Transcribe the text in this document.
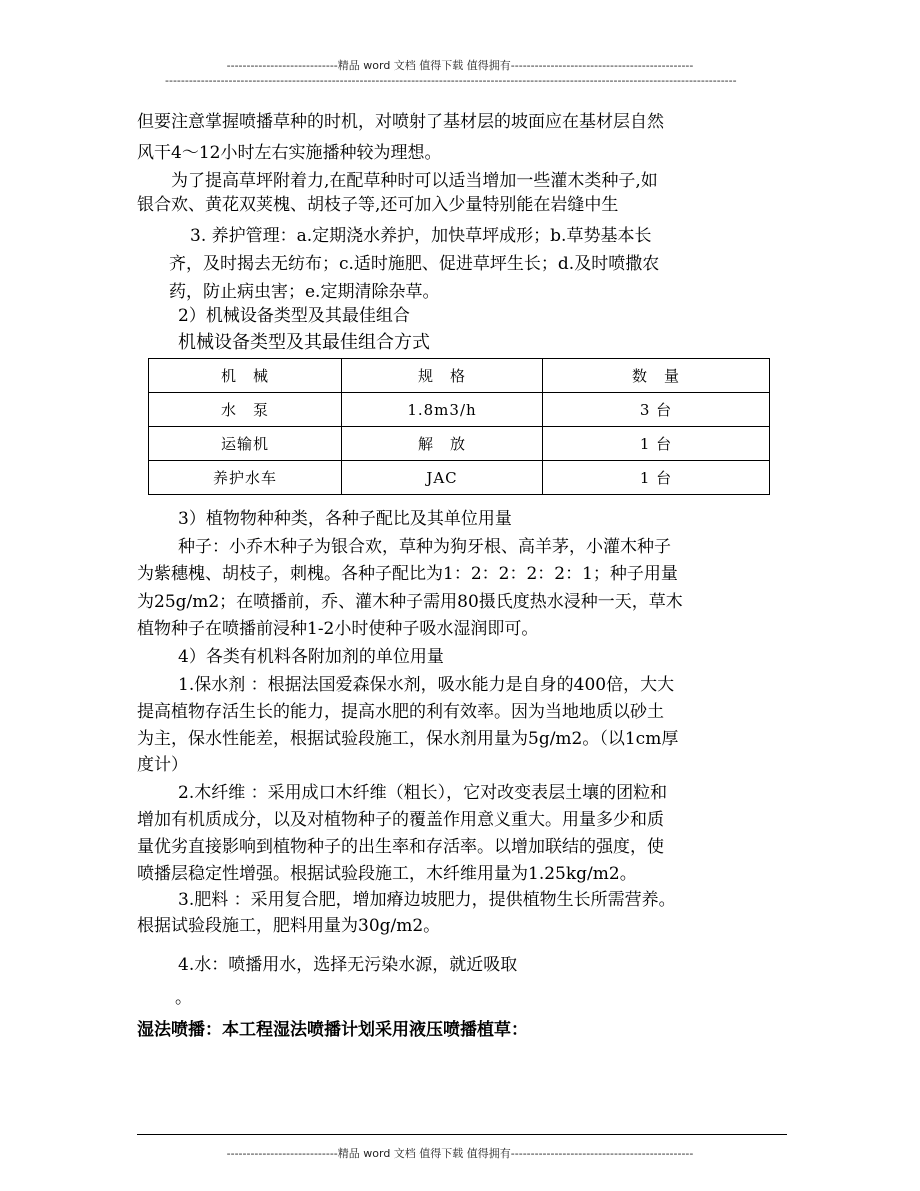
----------------------------精品 word 文档 值得下载 值得拥有----------------------------------------------
------------------------------------------------------------------------------------------------------------------------------------------------
但要注意掌握喷播草种的时机，对喷射了基材层的坡面应在基材层自然
风干4～12小时左右实施播种较为理想。
为了提高草坪附着力,在配草种时可以适当增加一些灌木类种子,如
银合欢、黄花双荚槐、胡枝子等,还可加入少量特别能在岩缝中生
3. 养护管理：a.定期浇水养护，加快草坪成形；b.草势基本长
齐，及时揭去无纺布；c.适时施肥、促进草坪生长；d.及时喷撒农
药，防止病虫害；e.定期清除杂草。
2）机械设备类型及其最佳组合
机械设备类型及其最佳组合方式
机　械	规　格	数　量
水　泵	1.8m3/h	3 台
运输机	解　放	1 台
养护水车	JAC	1 台
3）植物物种种类，各种子配比及其单位用量
种子：小乔木种子为银合欢，草种为狗牙根、高羊茅，小灌木种子
为紫穗槐、胡枝子，刺槐。各种子配比为1：2：2：2：2：1；种子用量
为25g/m2；在喷播前，乔、灌木种子需用80摄氏度热水浸种一天，草木
植物种子在喷播前浸种1-2小时使种子吸水湿润即可。
4）各类有机料各附加剂的单位用量
1.保水剂 ：根据法国爱森保水剂，吸水能力是自身的400倍，大大
提高植物存活生长的能力，提高水肥的利有效率。因为当地地质以砂土
为主，保水性能差，根据试验段施工，保水剂用量为5g/m2。（以1cm厚
度计）
2.木纤维 ：采用成口木纤维（粗长），它对改变表层土壤的团粒和
增加有机质成分，以及对植物种子的覆盖作用意义重大。用量多少和质
量优劣直接影响到植物种子的出生率和存活率。以增加联结的强度，使
喷播层稳定性增强。根据试验段施工，木纤维用量为1.25kg/m2。
3.肥料 ：采用复合肥，增加瘠边坡肥力，提供植物生长所需营养。
根据试验段施工，肥料用量为30g/m2。
4.水：喷播用水，选择无污染水源，就近吸取
。
湿法喷播：本工程湿法喷播计划采用液压喷播植草：
----------------------------精品 word 文档 值得下载 值得拥有----------------------------------------------
